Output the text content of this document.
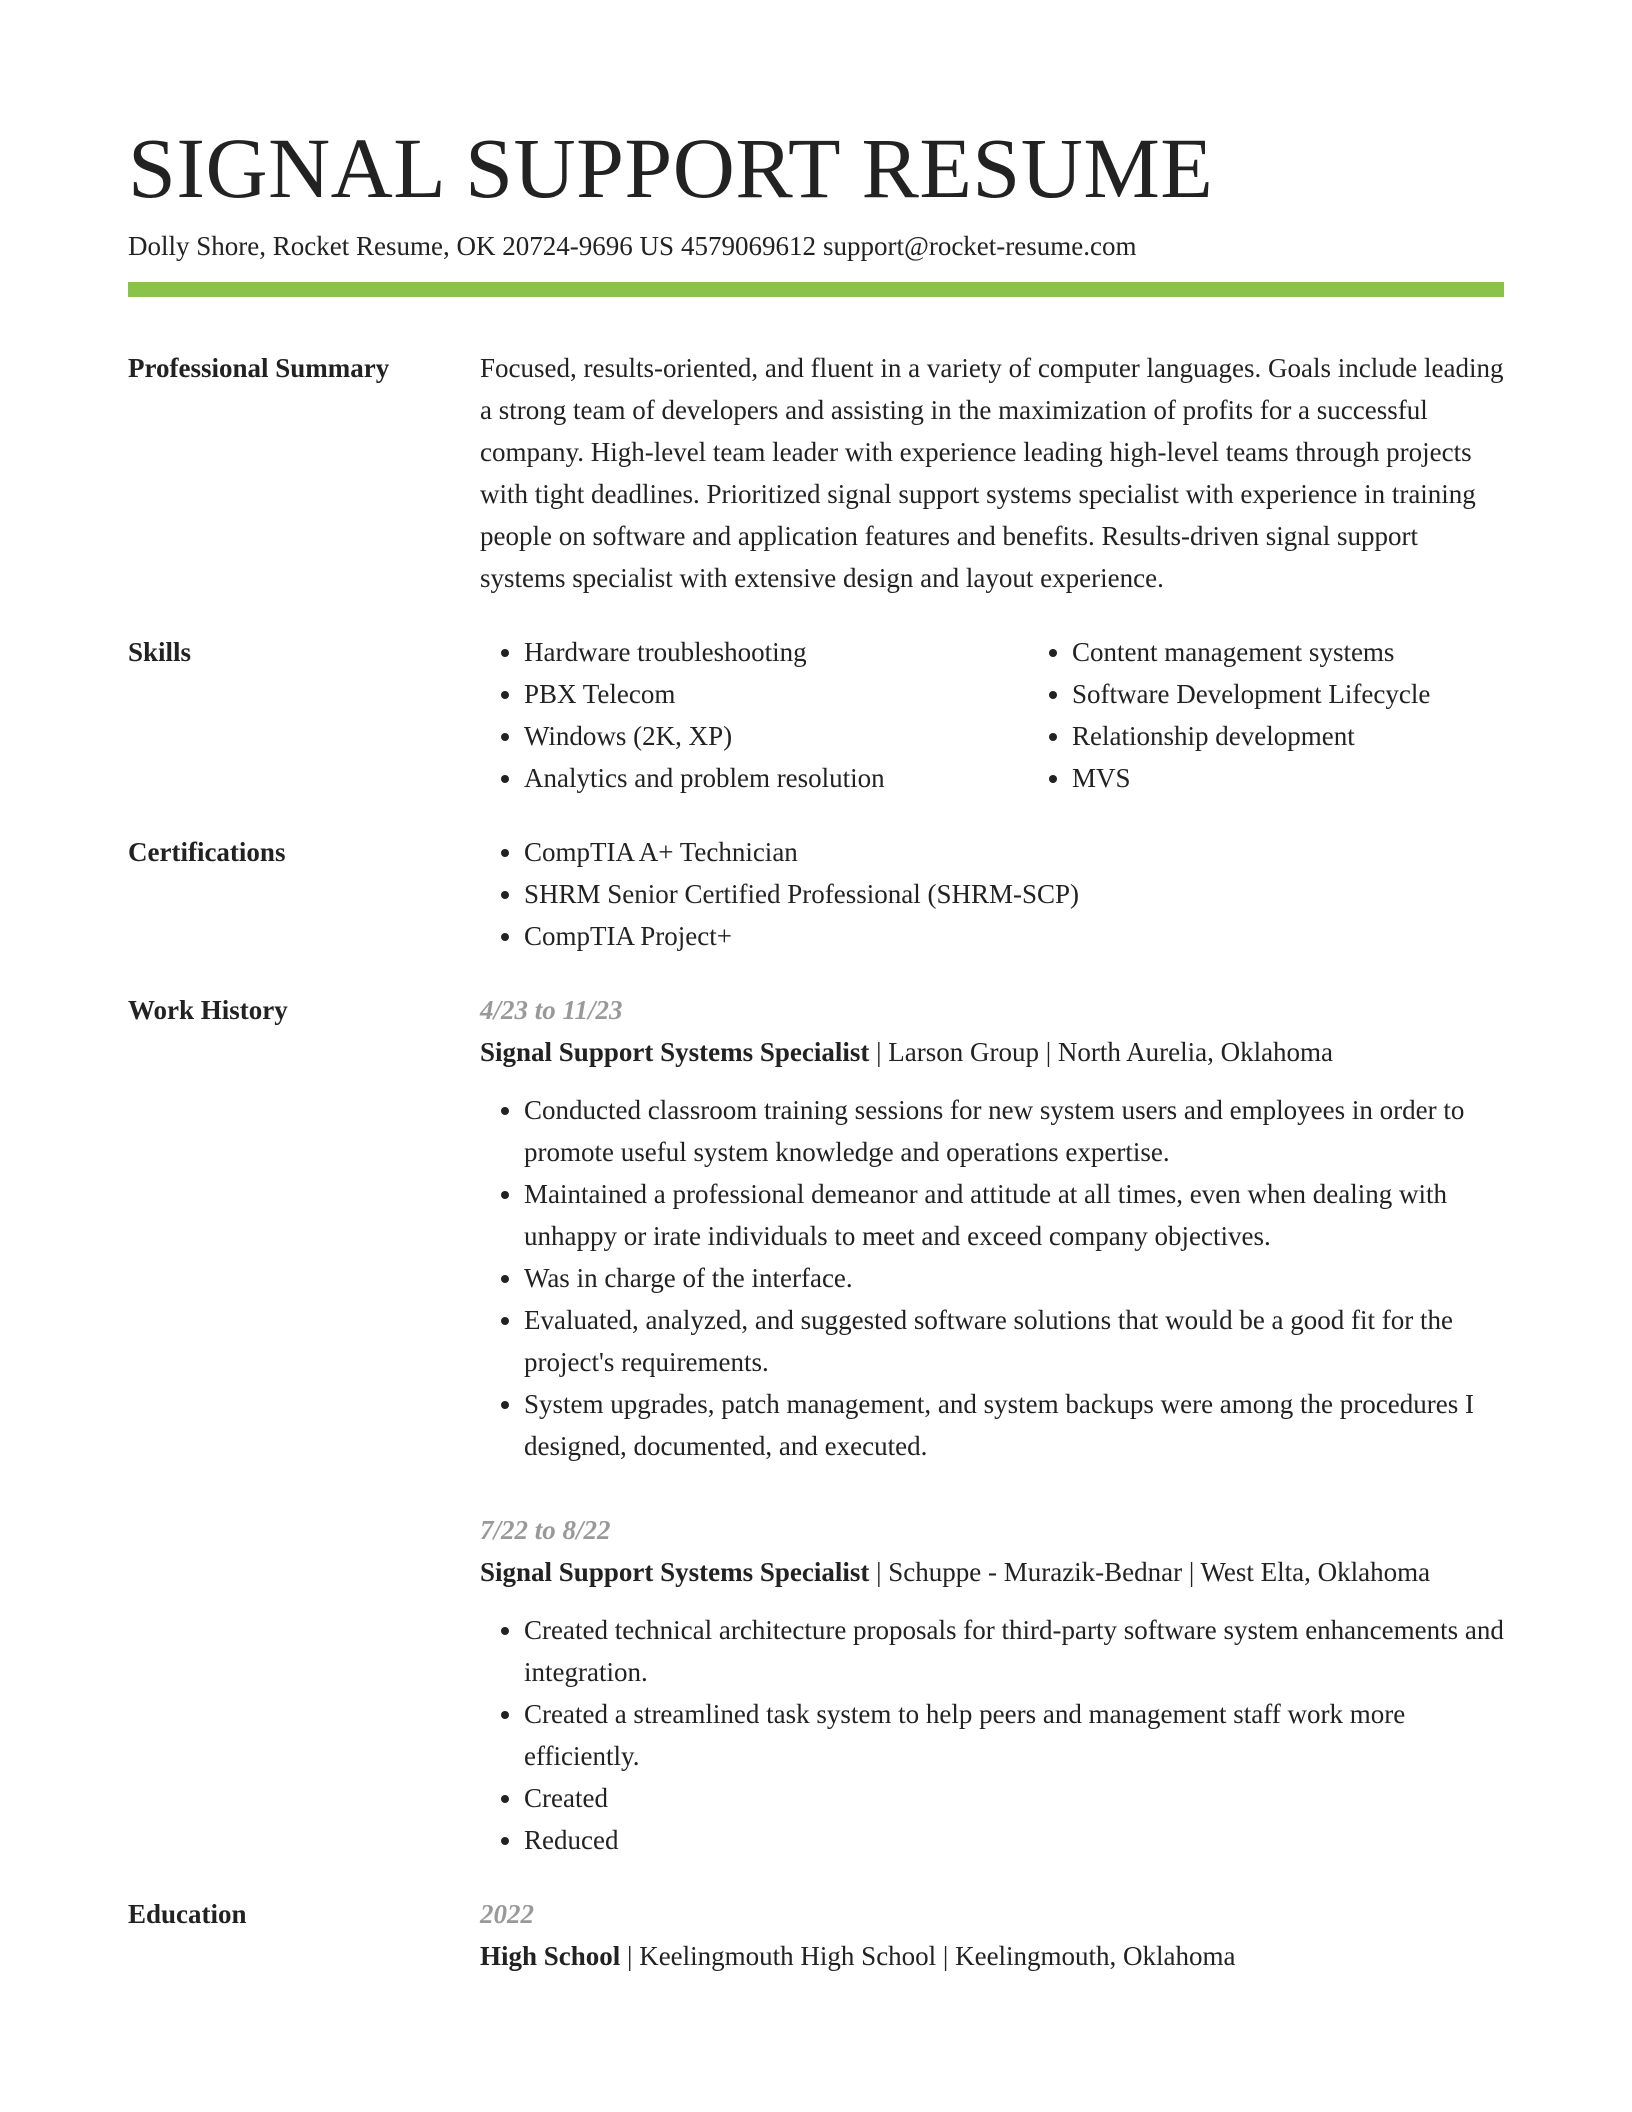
SIGNAL SUPPORT RESUME
Dolly Shore, Rocket Resume, OK 20724-9696 US 4579069612 support@rocket-resume.com
Professional Summary	Focused, results-oriented, and fluent in a variety of computer languages. Goals include leading a strong team of developers and assisting in the maximization of profits for a successful company. High-level team leader with experience leading high-level teams through projects with tight deadlines. Prioritized signal support systems specialist with experience in training people on software and application features and benefits. Results-driven signal support systems specialist with extensive design and layout experience.
Skills	• Hardware troubleshooting
• PBX Telecom
• Windows (2K, XP)
• Analytics and problem resolution
• Content management systems
• Software Development Lifecycle
• Relationship development
• MVS
Certifications	• CompTIA A+ Technician
• SHRM Senior Certified Professional (SHRM-SCP)
• CompTIA Project+
Work History	4/23 to 11/23
Signal Support Systems Specialist | Larson Group | North Aurelia, Oklahoma
• Conducted classroom training sessions for new system users and employees in order to promote useful system knowledge and operations expertise.
• Maintained a professional demeanor and attitude at all times, even when dealing with unhappy or irate individuals to meet and exceed company objectives.
• Was in charge of the interface.
• Evaluated, analyzed, and suggested software solutions that would be a good fit for the project's requirements.
• System upgrades, patch management, and system backups were among the procedures I designed, documented, and executed.
7/22 to 8/22
Signal Support Systems Specialist | Schuppe - Murazik-Bednar | West Elta, Oklahoma
• Created technical architecture proposals for third-party software system enhancements and integration.
• Created a streamlined task system to help peers and management staff work more efficiently.
• Created
• Reduced
Education	2022
High School | Keelingmouth High School | Keelingmouth, Oklahoma
